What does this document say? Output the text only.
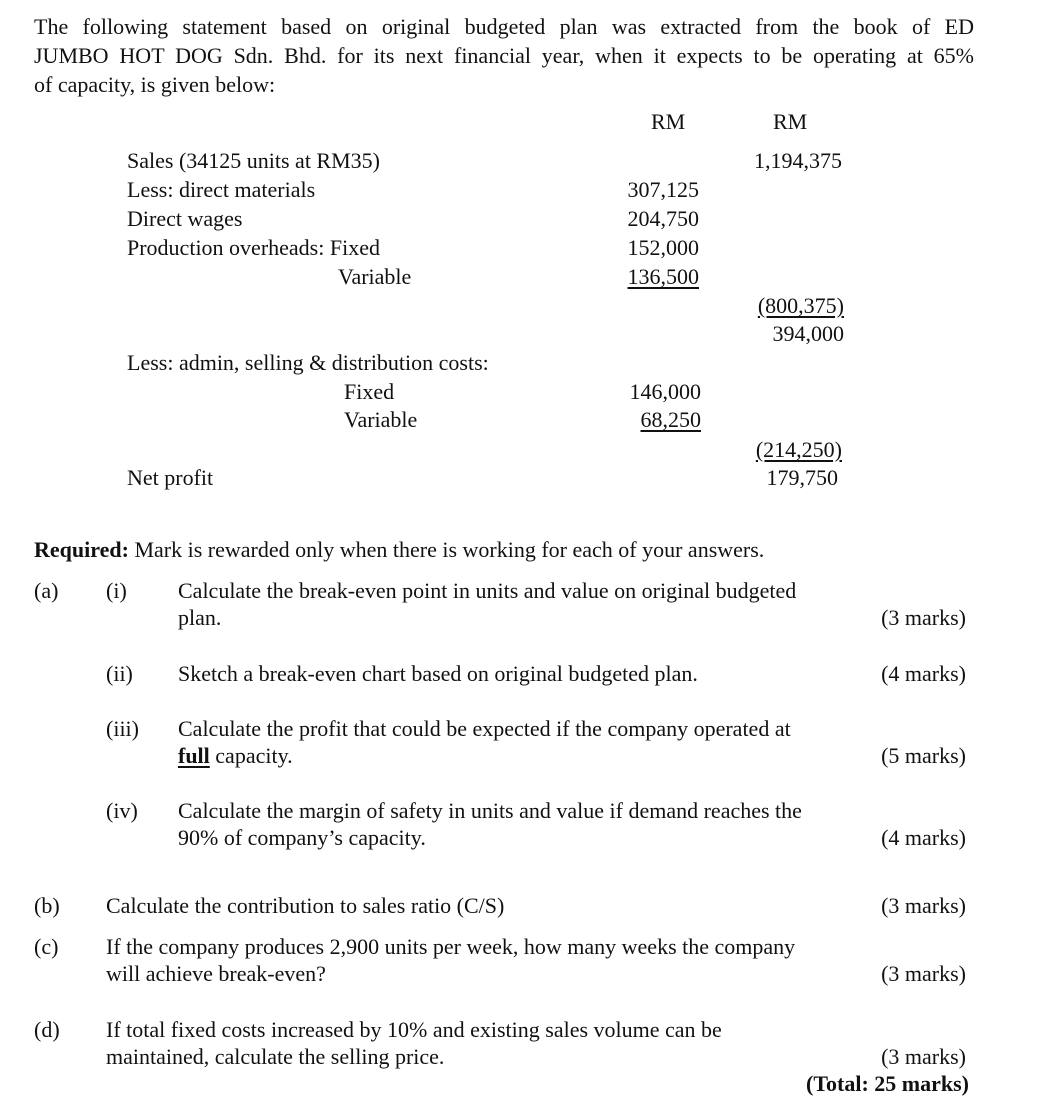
The following statement based on original budgeted plan was extracted from the book of ED
JUMBO HOT DOG Sdn. Bhd. for its next financial year, when it expects to be operating at 65%
of capacity, is given below:
RM	RM
Sales (34125 units at RM35)	1,194,375
Less: direct materials	307,125
Direct wages	204,750
Production overheads: Fixed	152,000
Variable	136,500
(800,375)
394,000
Less: admin, selling & distribution costs:
Fixed	146,000
Variable	68,250
(214,250)
Net profit	179,750
Required: Mark is rewarded only when there is working for each of your answers.
(a) (i) Calculate the break-even point in units and value on original budgeted
plan.	(3 marks)
(ii) Sketch a break-even chart based on original budgeted plan.	(4 marks)
(iii) Calculate the profit that could be expected if the company operated at
full capacity.	(5 marks)
(iv) Calculate the margin of safety in units and value if demand reaches the
90% of company’s capacity.	(4 marks)
(b) Calculate the contribution to sales ratio (C/S)	(3 marks)
(c) If the company produces 2,900 units per week, how many weeks the company
will achieve break-even?	(3 marks)
(d) If total fixed costs increased by 10% and existing sales volume can be
maintained, calculate the selling price.	(3 marks)
(Total: 25 marks)
